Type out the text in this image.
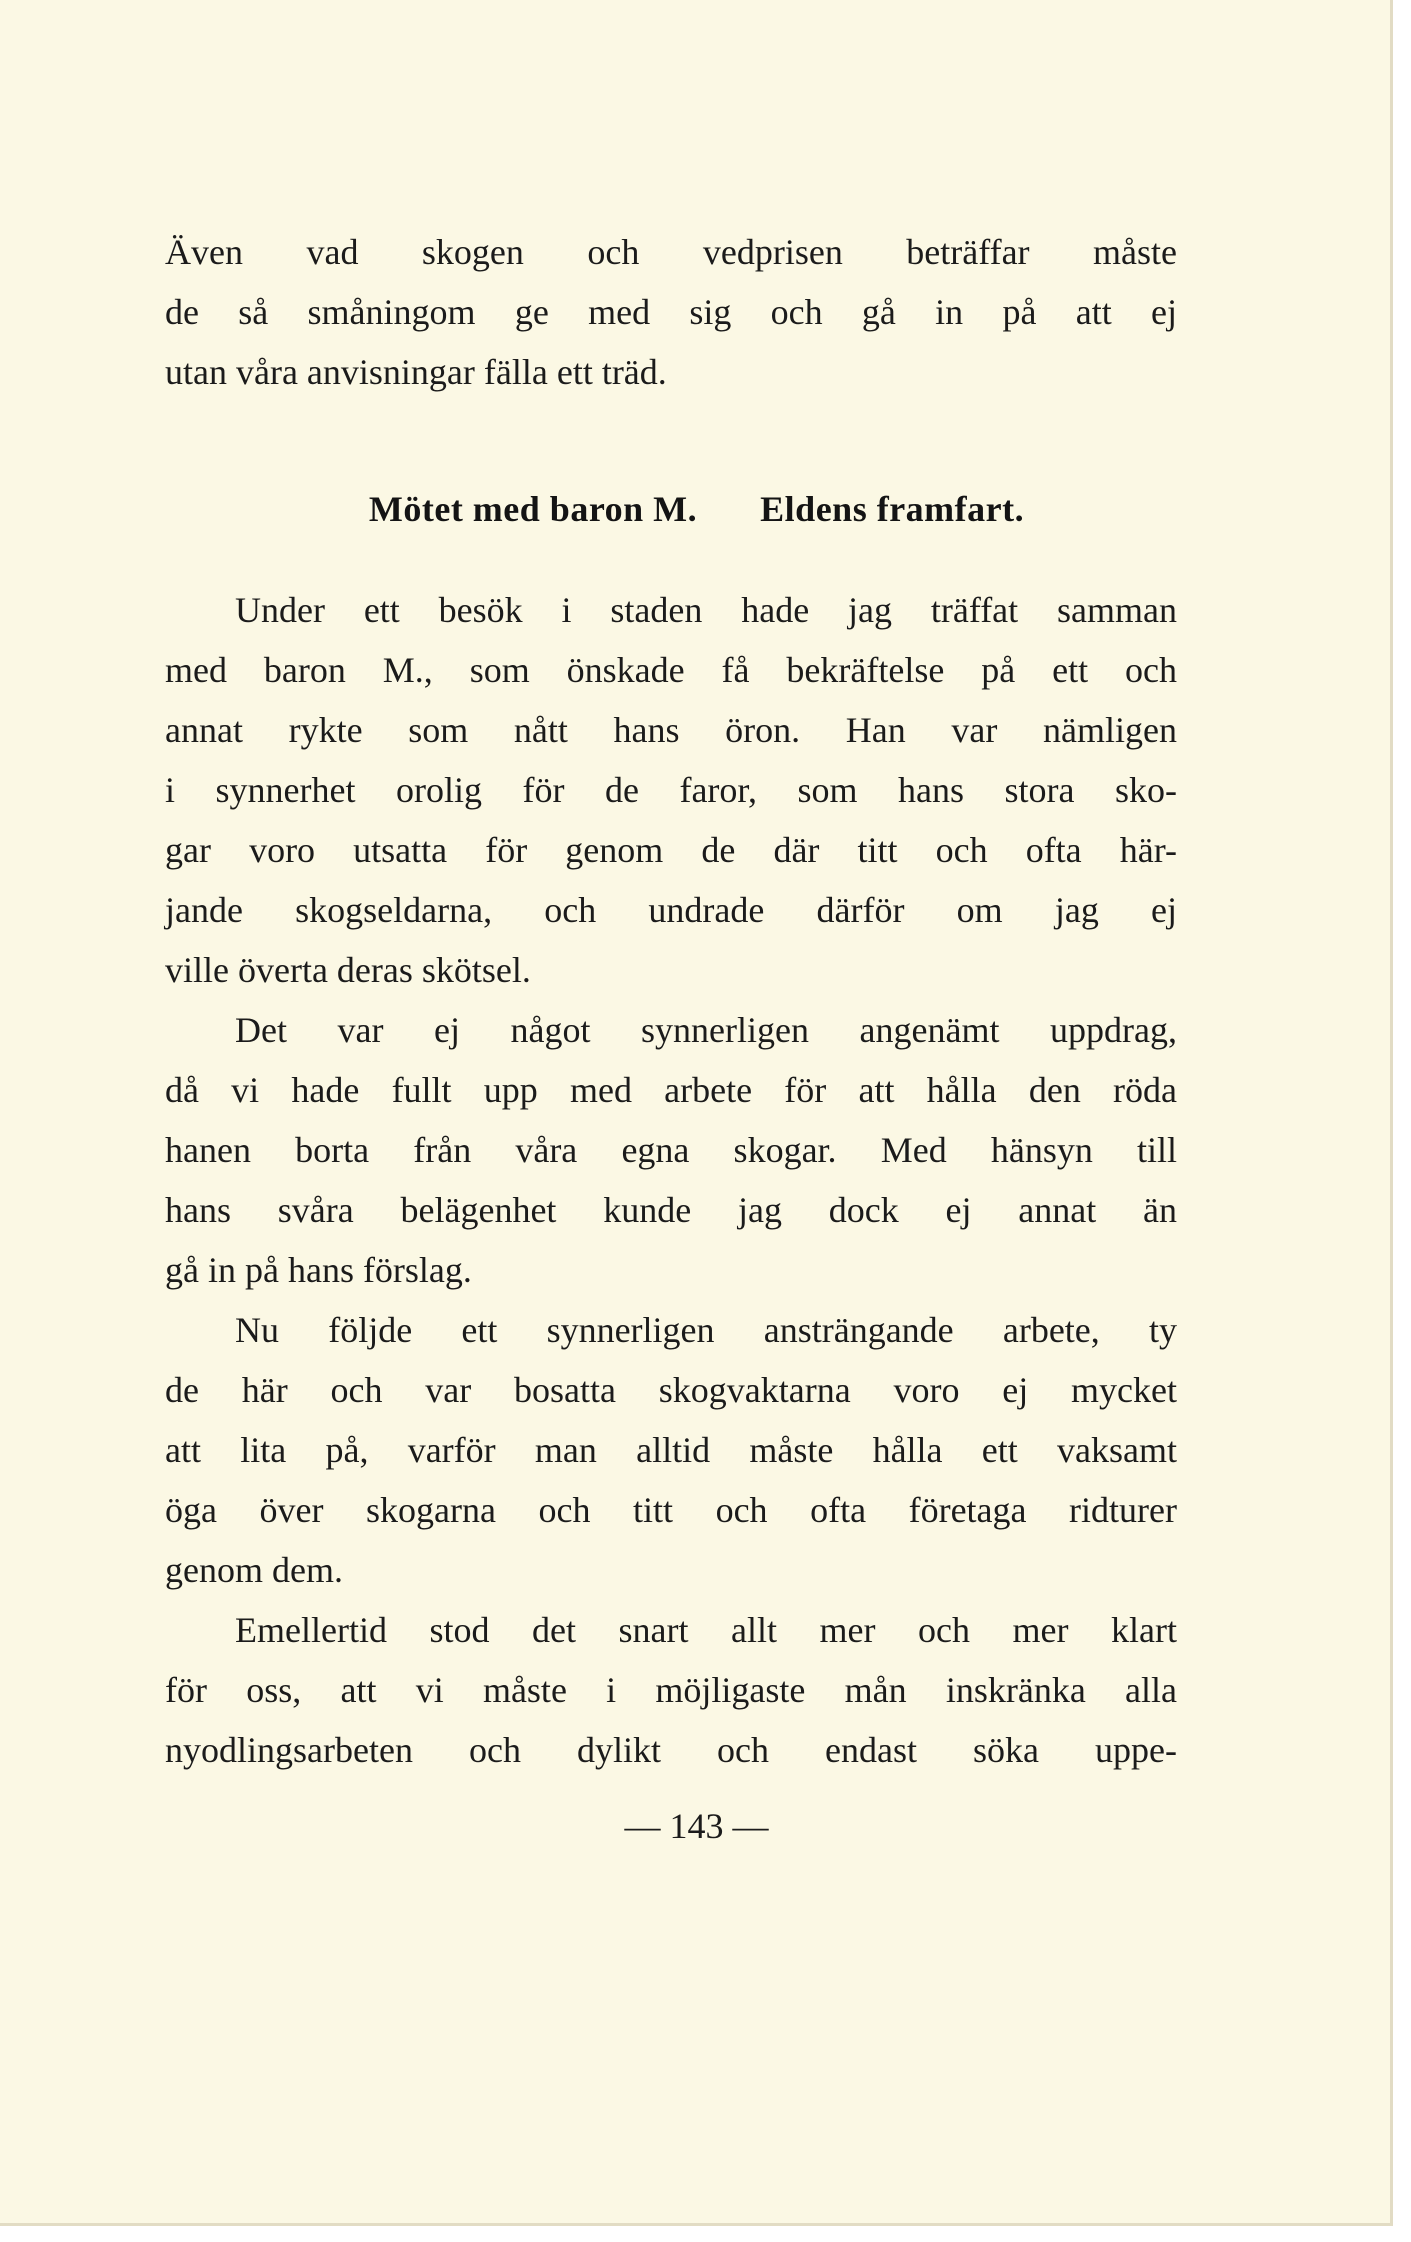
Även vad skogen och vedprisen beträffar måste
de så småningom ge med sig och gå in på att ej
utan våra anvisningar fälla ett träd.
Mötet med baron M. Eldens framfart.
Under ett besök i staden hade jag träffat samman
med baron M., som önskade få bekräftelse på ett och
annat rykte som nått hans öron. Han var nämligen
i synnerhet orolig för de faror, som hans stora sko-
gar voro utsatta för genom de där titt och ofta här-
jande skogseldarna, och undrade därför om jag ej
ville överta deras skötsel.
Det var ej något synnerligen angenämt uppdrag,
då vi hade fullt upp med arbete för att hålla den röda
hanen borta från våra egna skogar. Med hänsyn till
hans svåra belägenhet kunde jag dock ej annat än
gå in på hans förslag.
Nu följde ett synnerligen ansträngande arbete, ty
de här och var bosatta skogvaktarna voro ej mycket
att lita på, varför man alltid måste hålla ett vaksamt
öga över skogarna och titt och ofta företaga ridturer
genom dem.
Emellertid stod det snart allt mer och mer klart
för oss, att vi måste i möjligaste mån inskränka alla
nyodlingsarbeten och dylikt och endast söka uppe-
— 143 —
